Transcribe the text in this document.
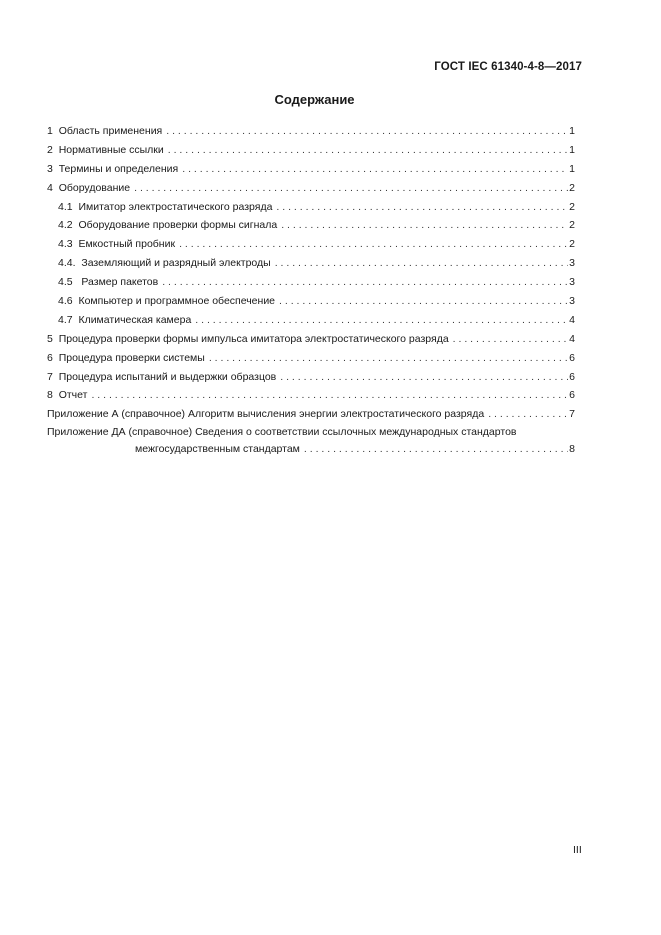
ГОСТ IEC 61340-4-8—2017
Содержание
1 Область применения . . .	1
2 Нормативные ссылки . . .	1
3 Термины и определения . . .	1
4 Оборудование . . .	2
4.1 Имитатор электростатического разряда . . .	2
4.2 Оборудование проверки формы сигнала . . .	2
4.3 Емкостный пробник . . .	2
4.4. Заземляющий и разрядный электроды . . .	3
4.5 Размер пакетов . . .	3
4.6 Компьютер и программное обеспечение . . .	3
4.7 Климатическая камера . . .	4
5 Процедура проверки формы импульса имитатора электростатического разряда . . .	4
6 Процедура проверки системы . . .	6
7 Процедура испытаний и выдержки образцов . . .	6
8 Отчет . . .	6
Приложение А (справочное) Алгоритм вычисления энергии электростатического разряда . . .	7
Приложение ДА (справочное) Сведения о соответствии ссылочных международных стандартов
межгосударственным стандартам . . .	8
III
